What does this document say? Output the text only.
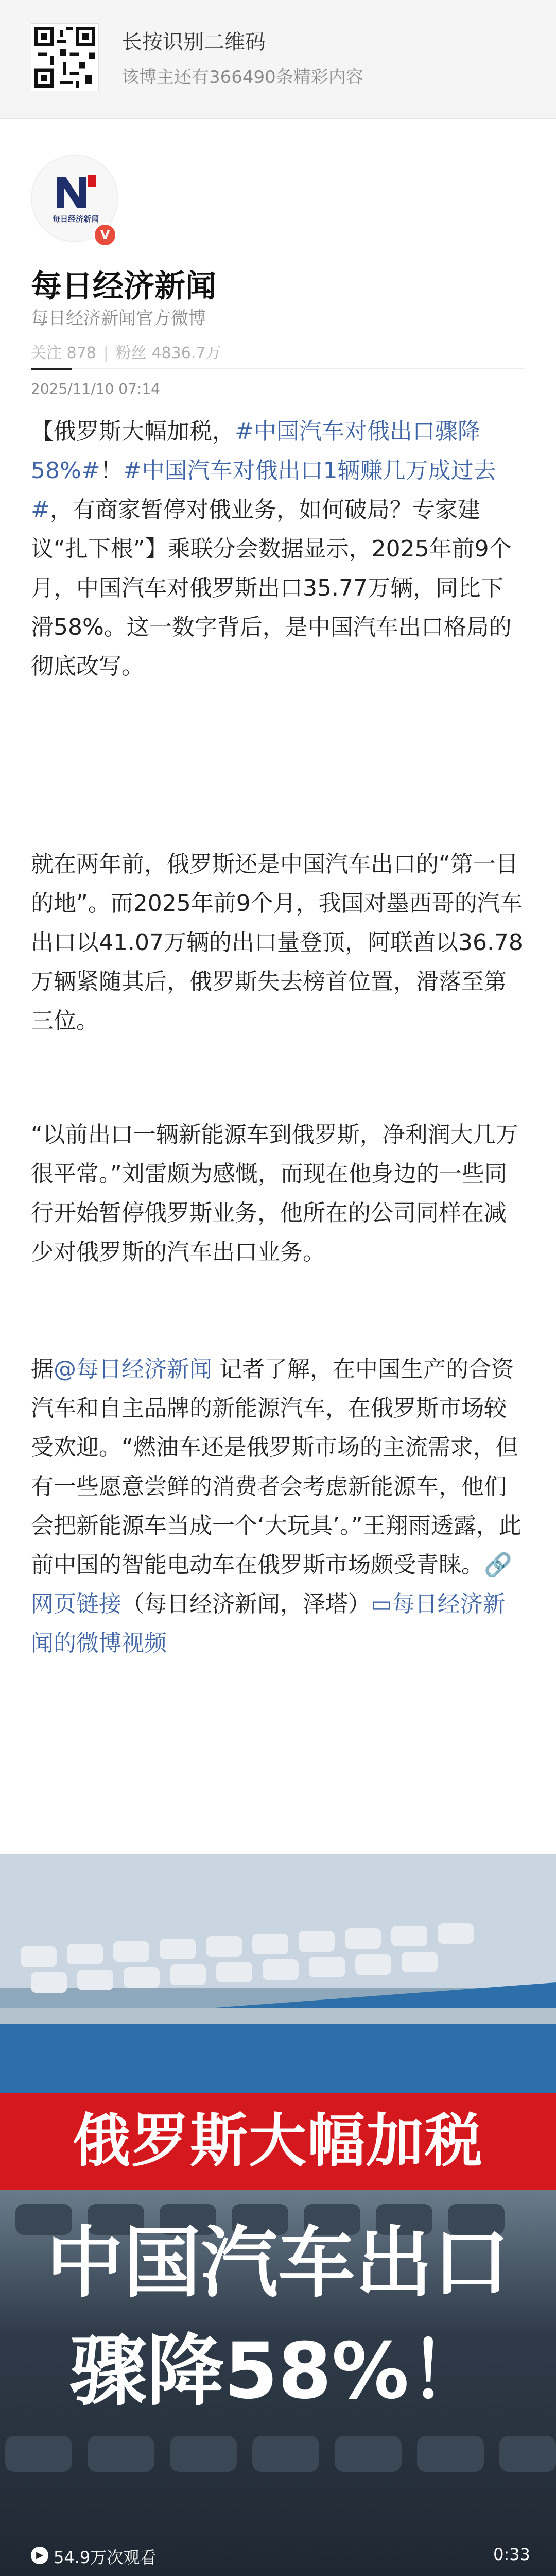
长按识别二维码
该博主还有366490条精彩内容
每日经济新闻
V
每日经济新闻
每日经济新闻官方微博
关注 878 | 粉丝 4836.7万
2025/11/10 07:14

【俄罗斯大幅加税，#中国汽车对俄出口骤降58%#！#中国汽车对俄出口1辆赚几万成过去#，有商家暂停对俄业务，如何破局？专家建议“扎下根”】乘联分会数据显示，2025年前9个月，中国汽车对俄罗斯出口35.77万辆，同比下滑58%。这一数字背后，是中国汽车出口格局的彻底改写。

就在两年前，俄罗斯还是中国汽车出口的“第一目的地”。而2025年前9个月，我国对墨西哥的汽车出口以41.07万辆的出口量登顶，阿联酋以36.78万辆紧随其后，俄罗斯失去榜首位置，滑落至第三位。

“以前出口一辆新能源车到俄罗斯，净利润大几万很平常。”刘雷颇为感慨，而现在他身边的一些同行开始暂停俄罗斯业务，他所在的公司同样在减少对俄罗斯的汽车出口业务。

据@每日经济新闻 记者了解，在中国生产的合资汽车和自主品牌的新能源汽车，在俄罗斯市场较受欢迎。“燃油车还是俄罗斯市场的主流需求，但有一些愿意尝鲜的消费者会考虑新能源车，他们会把新能源车当成一个‘大玩具’。”王翔雨透露，此前中国的智能电动车在俄罗斯市场颇受青睐。🔗网页链接（每日经济新闻，泽塔）▭每日经济新闻的微博视频

俄罗斯大幅加税
中国汽车出口
骤降58%！
▶ 54.9万次观看	0:33
